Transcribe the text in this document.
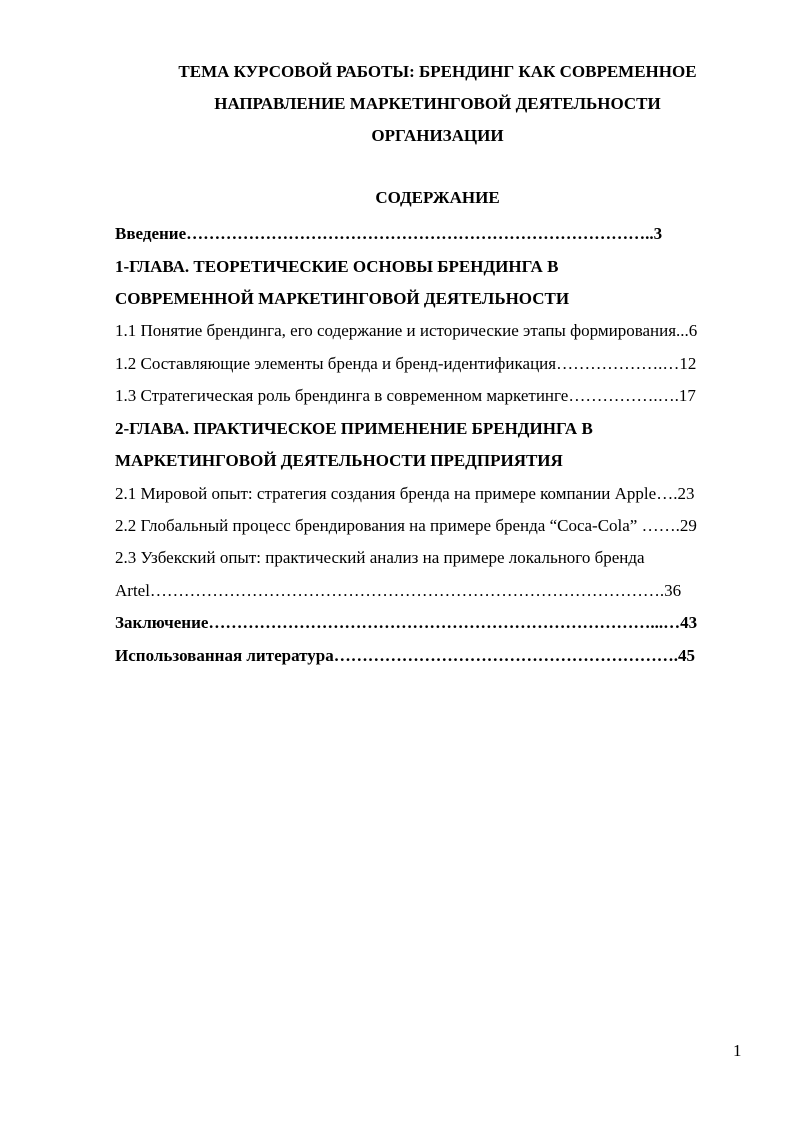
ТЕМА КУРСОВОЙ РАБОТЫ: БРЕНДИНГ КАК СОВРЕМЕННОЕ
НАПРАВЛЕНИЕ МАРКЕТИНГОВОЙ ДЕЯТЕЛЬНОСТИ
ОРГАНИЗАЦИИ
СОДЕРЖАНИЕ
Введение………………………………………………………………………..3
1-ГЛАВА. ТЕОРЕТИЧЕСКИЕ ОСНОВЫ БРЕНДИНГА В
СОВРЕМЕННОЙ МАРКЕТИНГОВОЙ ДЕЯТЕЛЬНОСТИ
1.1 Понятие брендинга, его содержание и исторические этапы формирования...6
1.2 Составляющие элементы бренда и бренд-идентификация……………….…12
1.3 Стратегическая роль брендинга в современном маркетинге…………….….17
2-ГЛАВА. ПРАКТИЧЕСКОЕ ПРИМЕНЕНИЕ БРЕНДИНГА В
МАРКЕТИНГОВОЙ ДЕЯТЕЛЬНОСТИ ПРЕДПРИЯТИЯ
2.1 Мировой опыт: стратегия создания бренда на примере компании Apple….23
2.2 Глобальный процесс брендирования на примере бренда “Coca-Cola” …….29
2.3 Узбекский опыт: практический анализ на примере локального бренда
Artel……………………………………………………………………………….36
Заключение……………………………………………………………………...…43
Использованная литература…………………………………………………….45
1
